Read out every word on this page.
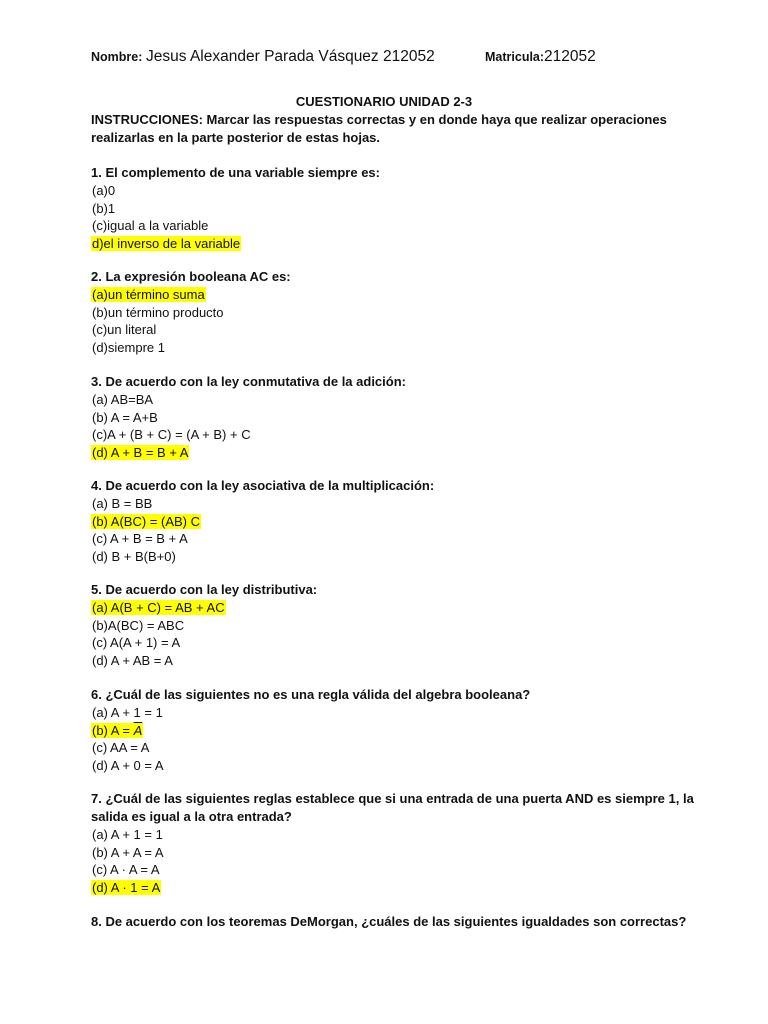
Nombre: Jesus Alexander Parada Vásquez 212052	Matricula:212052
CUESTIONARIO UNIDAD 2-3
INSTRUCCIONES: Marcar las respuestas correctas y en donde haya que realizar operaciones realizarlas en la parte posterior de estas hojas.
1. El complemento de una variable siempre es:
(a)0
(b)1
(c)igual a la variable
d)el inverso de la variable
2. La expresión booleana AC es:
(a)un término suma
(b)un término producto
(c)un literal
(d)siempre 1
3. De acuerdo con la ley conmutativa de la adición:
(a) AB=BA
(b) A = A+B
(c)A + (B + C) = (A + B) + C
(d) A + B = B + A
4. De acuerdo con la ley asociativa de la multiplicación:
(a) B = BB
(b) A(BC) = (AB) C
(c) A + B = B + A
(d) B + B(B+0)
5. De acuerdo con la ley distributiva:
(a) A(B + C) = AB + AC
(b)A(BC) = ABC
(c) A(A + 1) = A
(d) A + AB = A
6. ¿Cuál de las siguientes no es una regla válida del algebra booleana?
(a) A + 1 = 1
(b) $A = \overline{A}$
(c) AA = A
(d) A + 0 = A
7. ¿Cuál de las siguientes reglas establece que si una entrada de una puerta AND es siempre 1, la salida es igual a la otra entrada?
(a) A + 1 = 1
(b) A + A = A
(c) A · A = A
(d) A · 1 = A
8. De acuerdo con los teoremas DeMorgan, ¿cuáles de las siguientes igualdades son correctas?
